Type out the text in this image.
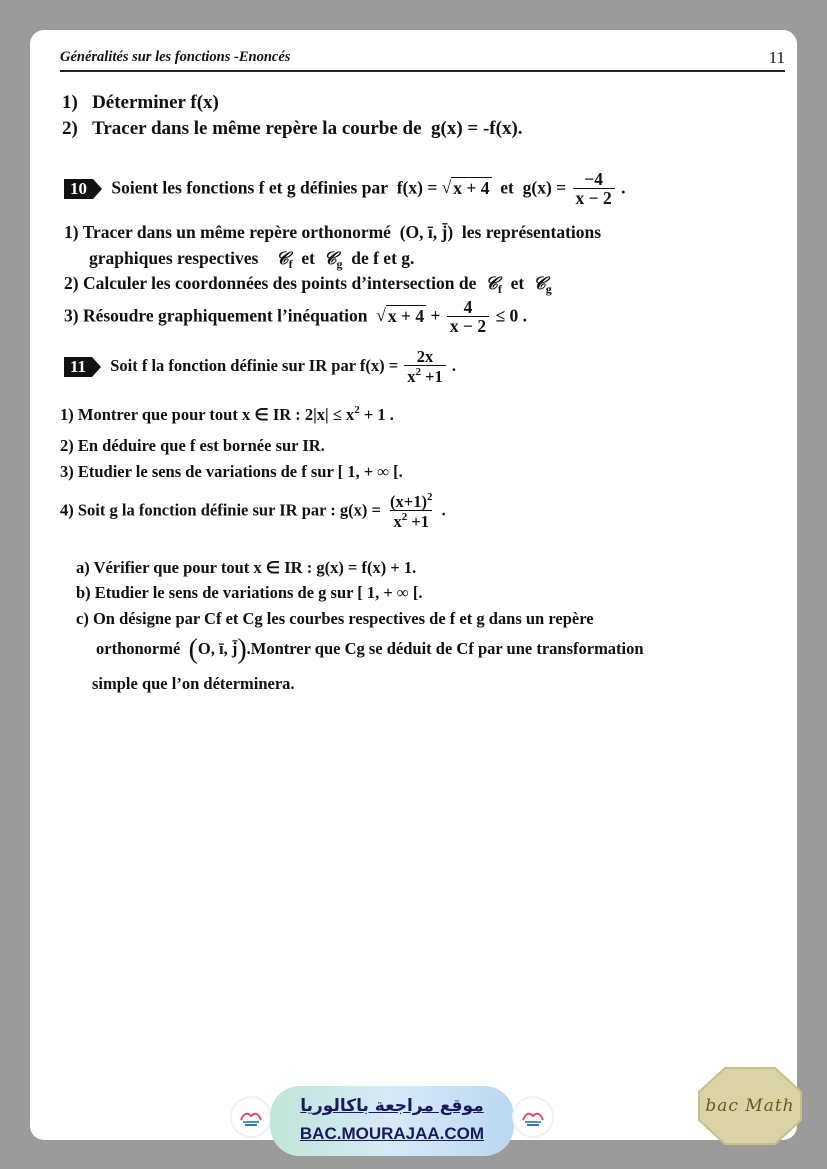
Généralités sur les fonctions -Enoncés	11
1) Déterminer f(x)
2) Tracer dans le même repère la courbe de g(x) = -f(x).
10 Soient les fonctions f et g définies par f(x) = √ x + 4 et $g(x) = \frac{-4}{x - 2}$ .
1) Tracer dans un même repère orthonormé (O, ī, j̄) les représentations
graphiques respectives 𝒞$_f$ et 𝒞$_g$ de f et g.
2) Calculer les coordonnées des points d’intersection de 𝒞$_f$ et 𝒞$_g$
3) Résoudre graphiquement l’inéquation √ $x + 4 + \frac{4}{x - 2} \le 0$ .
11 Soit f la fonction définie sur IR par $f(x) = \frac{2x}{x^2 +1}$ .
1) Montrer que pour tout x ∈ IR : $2|x| \le x^2 + 1$ .
2) En déduire que f est bornée sur IR.
3) Etudier le sens de variations de f sur [ 1, + ∞ [.
4) Soit g la fonction définie sur IR par : $g(x) = \frac{(x+1)^2}{x^2 +1}$ .
a) Vérifier que pour tout x ∈ IR : g(x) = f(x) + 1.
b) Etudier le sens de variations de g sur [ 1, + ∞ [.
c) On désigne par Cf et Cg les courbes respectives de f et g dans un repère
orthonormé (O, ī, j̄).Montrer que Cg se déduit de Cf par une transformation
simple que l’on déterminera.
موقع مراجعة باكالوريا
BAC.MOURAJAA.COM
bac Math
